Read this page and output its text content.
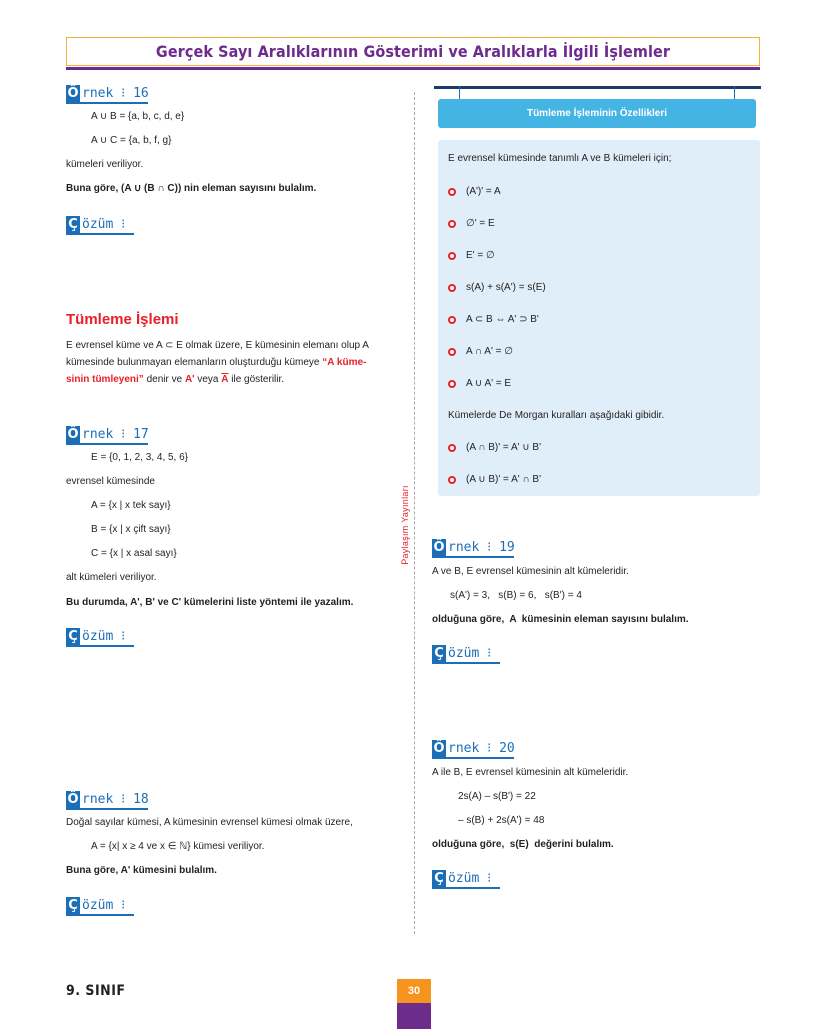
Gerçek Sayı Aralıklarının Gösterimi ve Aralıklarla İlgili İşlemler
Ö rnek ⁝ 16
A ∪ B = {a, b, c, d, e}
A ∪ C = {a, b, f, g}
kümeleri veriliyor.
Buna göre, (A ∪ (B ∩ C)) nin eleman sayısını bulalım.
Ç özüm ⁝
Tümleme İşlemi
E evrensel küme ve A ⊂ E olmak üzere, E kümesinin elemanı olup A
kümesinde bulunmayan elemanların oluşturduğu kümeye “A küme-
sinin tümleyeni” denir ve A' veya $\overline{A}$ ile gösterilir.
Ö rnek ⁝ 17
E = {0, 1, 2, 3, 4, 5, 6}
evrensel kümesinde
A = {x | x tek sayı}
B = {x | x çift sayı}
C = {x | x asal sayı}
alt kümeleri veriliyor.
Bu durumda, A', B' ve C' kümelerini liste yöntemi ile yazalım.
Ç özüm ⁝
Ö rnek ⁝ 18
Doğal sayılar kümesi, A kümesinin evrensel kümesi olmak üzere,
A = {x| x ≥ 4 ve x ∈ ℕ} kümesi veriliyor.
Buna göre, A' kümesini bulalım.
Ç özüm ⁝
Paylaşım Yayınları
Tümleme İşleminin Özellikleri
E evrensel kümesinde tanımlı A ve B kümeleri için;
(A')' = A
∅' = E
E' = ∅
s(A) + s(A') = s(E)
A ⊂ B ⇔ A' ⊃ B'
A ∩ A' = ∅
A ∪ A' = E
Kümelerde De Morgan kuralları aşağıdaki gibidir.
(A ∩ B)' = A' ∪ B'
(A ∪ B)' = A' ∩ B'
Ö rnek ⁝ 19
A ve B, E evrensel kümesinin alt kümeleridir.
s(A') = 3,   s(B) = 6,   s(B') = 4
olduğuna göre,  A  kümesinin eleman sayısını bulalım.
Ç özüm ⁝
Ö rnek ⁝ 20
A ile B, E evrensel kümesinin alt kümeleridir.
2s(A) – s(B') = 22
– s(B) + 2s(A') = 48
olduğuna göre,  s(E)  değerini bulalım.
Ç özüm ⁝
9. SINIF	30
